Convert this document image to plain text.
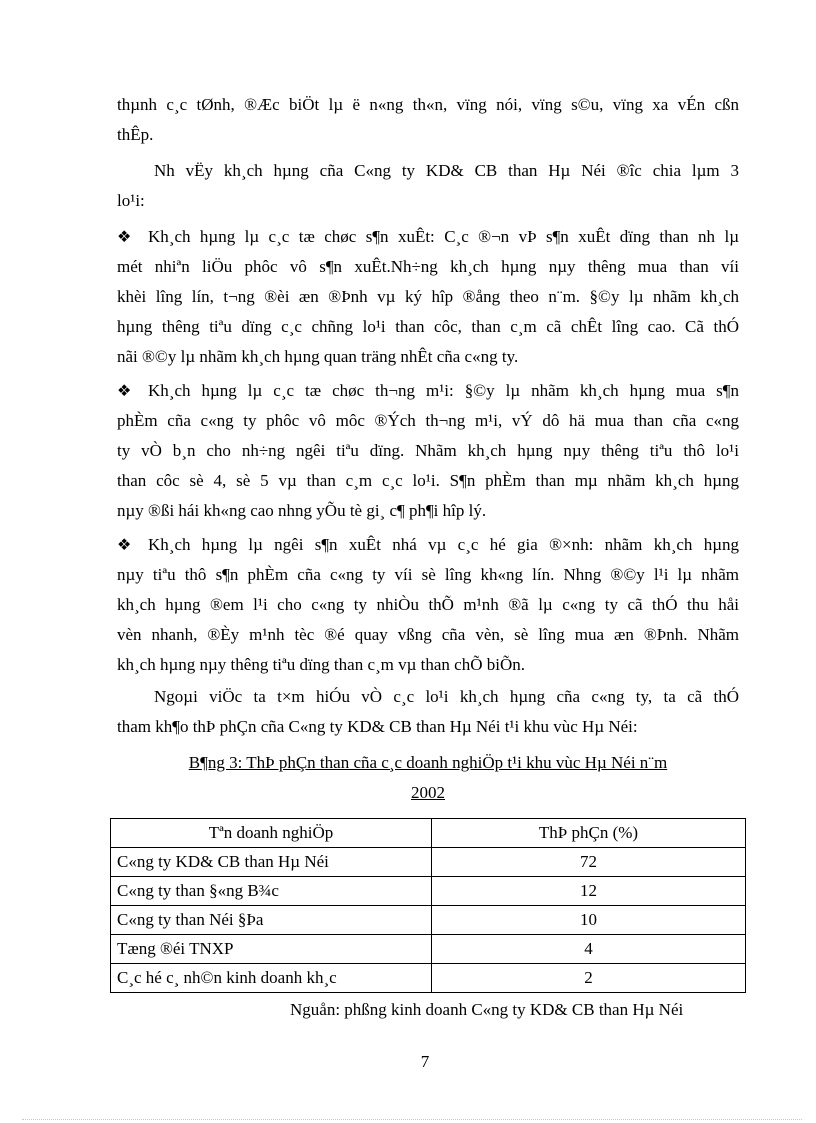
thµnh c¸c tØnh, ®Æc biÖt lµ ë n«ng th«n, vïng nói, vïng s©u, vïng xa vÉn cßn
thÊp.
Nh vËy kh¸ch hµng cña C«ng ty KD& CB than Hµ Néi ®îc chia lµm 3
lo¹i:
❖ Kh¸ch hµng lµ c¸c tæ chøc s¶n xuÊt: C¸c ®¬n vÞ s¶n xuÊt dïng than nh lµ
mét nhiªn liÖu phôc vô s¶n xuÊt.Nh÷ng kh¸ch hµng nµy thêng mua than víi
khèi lîng lín, t¬ng ®èi æn ®Þnh vµ ký hîp ®ång theo n¨m. §©y lµ nhãm kh¸ch
hµng thêng tiªu dïng c¸c chñng lo¹i than côc, than c¸m cã chÊt lîng cao. Cã thÓ
nãi ®©y lµ nhãm kh¸ch hµng quan träng nhÊt cña c«ng ty.
❖ Kh¸ch hµng lµ c¸c tæ chøc th¬ng m¹i: §©y lµ nhãm kh¸ch hµng mua s¶n
phÈm cña c«ng ty phôc vô môc ®Ých th¬ng m¹i, vÝ dô hä mua than cña c«ng
ty vÒ b¸n cho nh÷ng ngêi tiªu dïng. Nhãm kh¸ch hµng nµy thêng tiªu thô lo¹i
than côc sè 4, sè 5 vµ than c¸m c¸c lo¹i. S¶n phÈm than mµ nhãm kh¸ch hµng
nµy ®ßi hái kh«ng cao nhng yÕu tè gi¸ c¶ ph¶i hîp lý.
❖ Kh¸ch hµng lµ ngêi s¶n xuÊt nhá vµ c¸c hé gia ®×nh: nhãm kh¸ch hµng
nµy tiªu thô s¶n phÈm cña c«ng ty víi sè lîng kh«ng lín. Nhng ®©y l¹i lµ nhãm
kh¸ch hµng ®em l¹i cho c«ng ty nhiÒu thÕ m¹nh ®ã lµ c«ng ty cã thÓ thu håi
vèn nhanh, ®Èy m¹nh tèc ®é quay vßng cña vèn, sè lîng mua æn ®Þnh. Nhãm
kh¸ch hµng nµy thêng tiªu dïng than c¸m vµ than chÕ biÕn.
Ngoµi viÖc ta t×m hiÓu vÒ c¸c lo¹i kh¸ch hµng cña c«ng ty, ta cã thÓ
tham kh¶o thÞ phÇn cña C«ng ty KD& CB than Hµ Néi t¹i khu vùc Hµ Néi:
B¶ng 3: ThÞ phÇn than cña c¸c doanh nghiÖp t¹i khu vùc Hµ Néi n¨m
2002
Tªn doanh nghiÖp	ThÞ phÇn (%)
C«ng ty KD& CB than Hµ Néi	72
C«ng ty than §«ng B¾c	12
C«ng ty than Néi §Þa	10
Tæng ®éi TNXP	4
C¸c hé c¸ nh©n kinh doanh kh¸c	2
Nguån: phßng kinh doanh C«ng ty KD& CB than Hµ Néi
7
